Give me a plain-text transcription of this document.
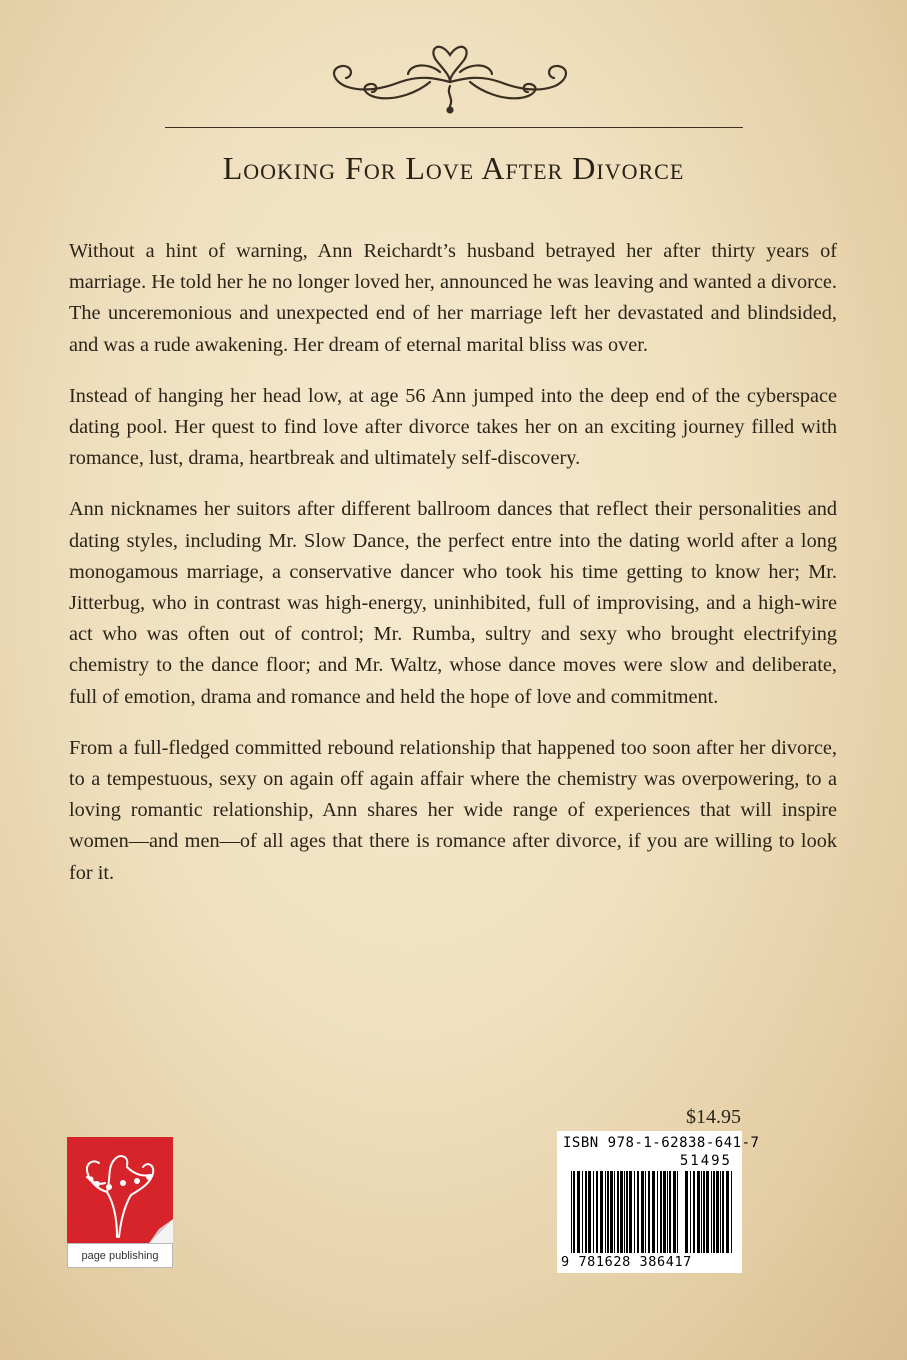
Looking For Love After Divorce

Without a hint of warning, Ann Reichardt’s husband betrayed her after thirty years of marriage. He told her he no longer loved her, announced he was leaving and wanted a divorce. The unceremonious and unexpected end of her marriage left her devastated and blindsided, and was a rude awakening. Her dream of eternal marital bliss was over.

Instead of hanging her head low, at age 56 Ann jumped into the deep end of the cyberspace dating pool. Her quest to find love after divorce takes her on an exciting journey filled with romance, lust, drama, heartbreak and ultimately self-discovery.

Ann nicknames her suitors after different ballroom dances that reflect their personalities and dating styles, including Mr. Slow Dance, the perfect entre into the dating world after a long monogamous marriage, a conservative dancer who took his time getting to know her; Mr. Jitterbug, who in contrast was high-energy, uninhibited, full of improvising, and a high-wire act who was often out of control; Mr. Rumba, sultry and sexy who brought electrifying chemistry to the dance floor; and Mr. Waltz, whose dance moves were slow and deliberate, full of emotion, drama and romance and held the hope of love and commitment.

From a full-fledged committed rebound relationship that happened too soon after her divorce, to a tempestuous, sexy on again off again affair where the chemistry was overpowering, to a loving romantic relationship, Ann shares her wide range of experiences that will inspire women—and men—of all ages that there is romance after divorce, if you are willing to look for it.

page publishing
$14.95
ISBN 978-1-62838-641-7
51495
9 781628 386417
